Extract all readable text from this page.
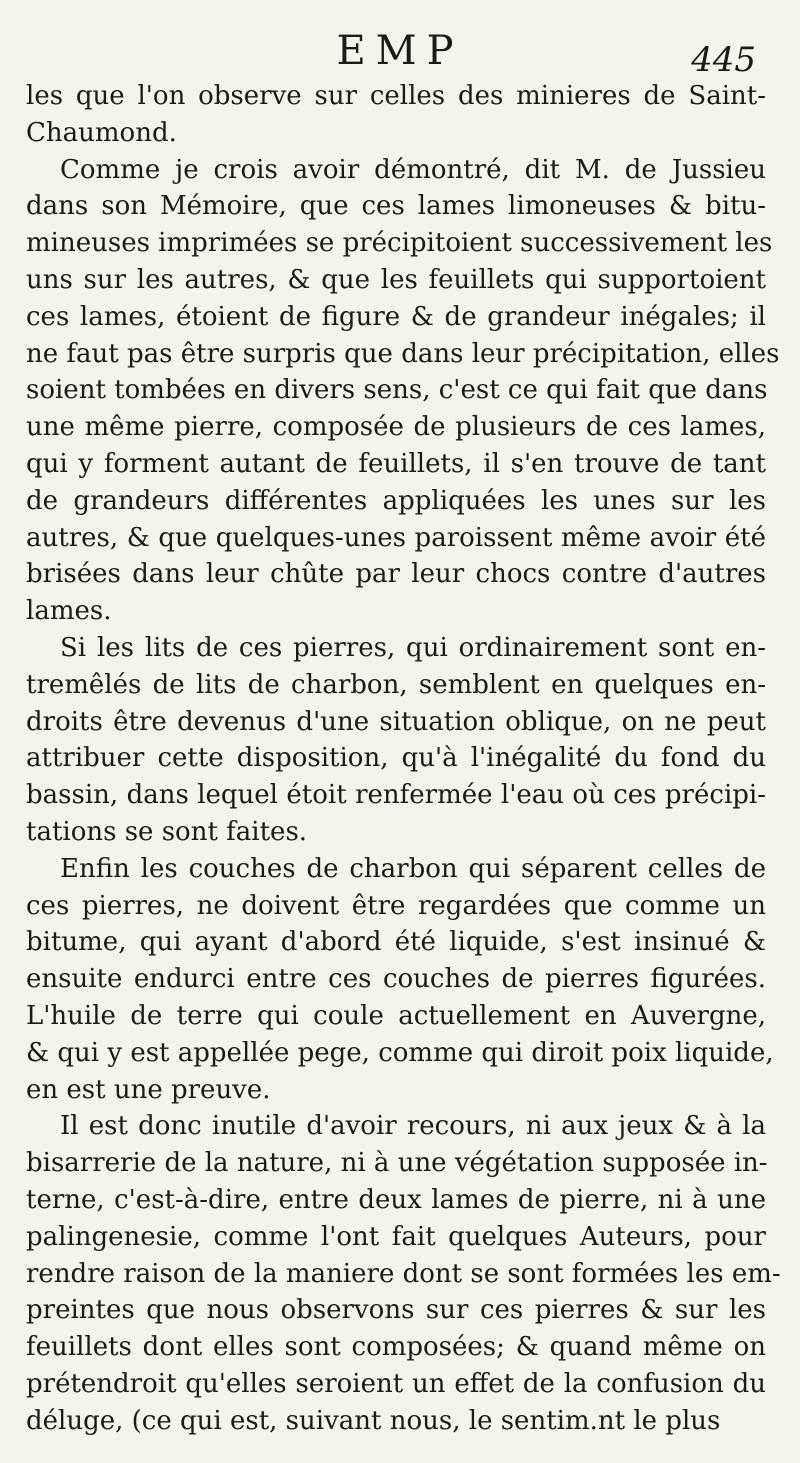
EMP	445
les que l'on observe sur celles des minieres de Saint-
Chaumond.
Comme je crois avoir démontré, dit M. de Jussieu
dans son Mémoire, que ces lames limoneuses & bitu-
mineuses imprimées se précipitoient successivement les
uns sur les autres, & que les feuillets qui supportoient
ces lames, étoient de figure & de grandeur inégales; il
ne faut pas être surpris que dans leur précipitation, elles
soient tombées en divers sens, c'est ce qui fait que dans
une même pierre, composée de plusieurs de ces lames,
qui y forment autant de feuillets, il s'en trouve de tant
de grandeurs différentes appliquées les unes sur les
autres, & que quelques-unes paroissent même avoir été
brisées dans leur chûte par leur chocs contre d'autres
lames.
Si les lits de ces pierres, qui ordinairement sont en-
tremêlés de lits de charbon, semblent en quelques en-
droits être devenus d'une situation oblique, on ne peut
attribuer cette disposition, qu'à l'inégalité du fond du
bassin, dans lequel étoit renfermée l'eau où ces précipi-
tations se sont faites.
Enfin les couches de charbon qui séparent celles de
ces pierres, ne doivent être regardées que comme un
bitume, qui ayant d'abord été liquide, s'est insinué &
ensuite endurci entre ces couches de pierres figurées.
L'huile de terre qui coule actuellement en Auvergne,
& qui y est appellée pege, comme qui diroit poix liquide,
en est une preuve.
Il est donc inutile d'avoir recours, ni aux jeux & à la
bisarrerie de la nature, ni à une végétation supposée in-
terne, c'est-à-dire, entre deux lames de pierre, ni à une
palingenesie, comme l'ont fait quelques Auteurs, pour
rendre raison de la maniere dont se sont formées les em-
preintes que nous observons sur ces pierres & sur les
feuillets dont elles sont composées; & quand même on
prétendroit qu'elles seroient un effet de la confusion du
déluge, (ce qui est, suivant nous, le sentim.nt le plus
